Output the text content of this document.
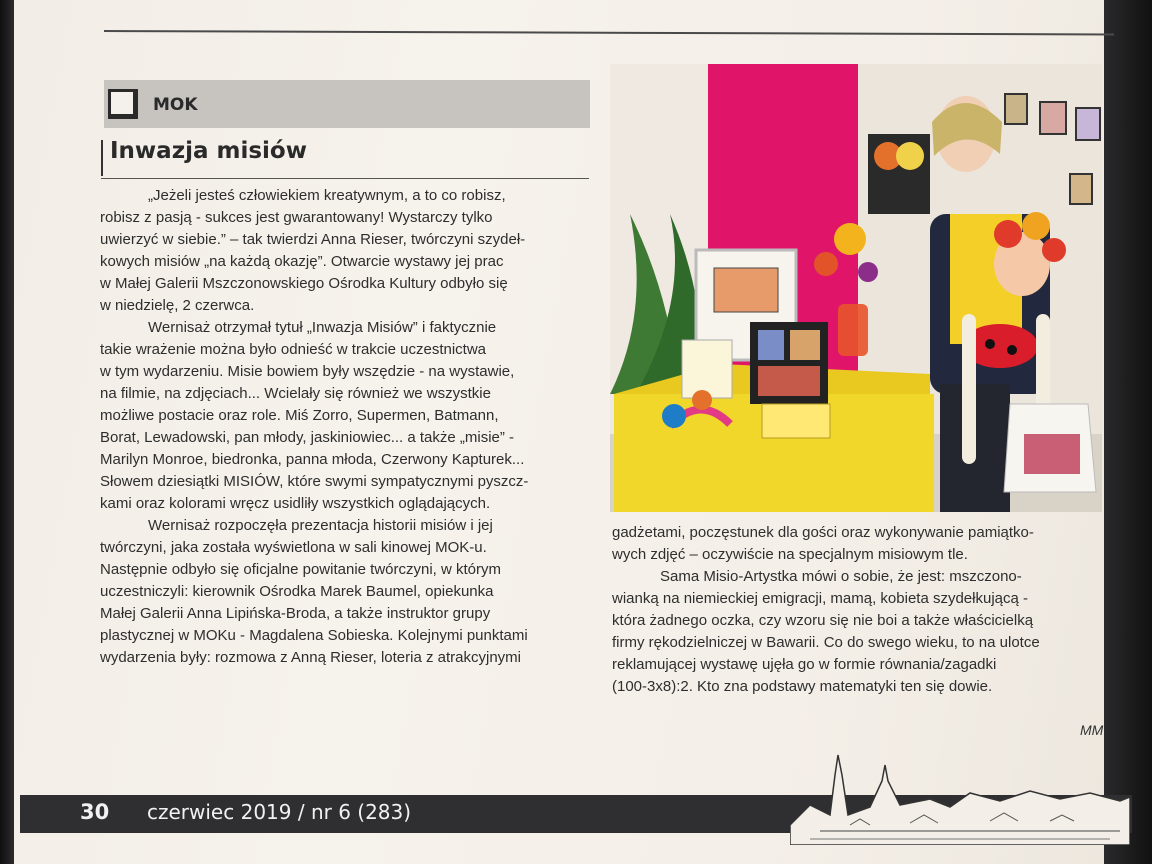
MOK
Inwazja misiów
„Jeżeli jesteś człowiekiem kreatywnym, a to co robisz,
robisz z pasją - sukces jest gwarantowany! Wystarczy tylko
uwierzyć w siebie.” – tak twierdzi Anna Rieser, twórczyni szydeł-
kowych misiów „na każdą okazję”. Otwarcie wystawy jej prac
w Małej Galerii Mszczonowskiego Ośrodka Kultury odbyło się
w niedzielę, 2 czerwca.
Wernisaż otrzymał tytuł „Inwazja Misiów” i faktycznie
takie wrażenie można było odnieść w trakcie uczestnictwa
w tym wydarzeniu. Misie bowiem były wszędzie - na wystawie,
na filmie, na zdjęciach... Wcielały się również we wszystkie
możliwe postacie oraz role. Miś Zorro, Supermen, Batmann,
Borat, Lewadowski, pan młody, jaskiniowiec... a także „misie” -
Marilyn Monroe, biedronka, panna młoda, Czerwony Kapturek...
Słowem dziesiątki MISIÓW, które swymi sympatycznymi pyszcz-
kami oraz kolorami wręcz usidliły wszystkich oglądających.
Wernisaż rozpoczęła prezentacja historii misiów i jej
twórczyni, jaka została wyświetlona w sali kinowej MOK-u.
Następnie odbyło się oficjalne powitanie twórczyni, w którym
uczestniczyli: kierownik Ośrodka Marek Baumel, opiekunka
Małej Galerii Anna Lipińska-Broda, a także instruktor grupy
plastycznej w MOKu - Magdalena Sobieska. Kolejnymi punktami
wydarzenia były: rozmowa z Anną Rieser, loteria z atrakcyjnymi
gadżetami, poczęstunek dla gości oraz wykonywanie pamiątko-
wych zdjęć – oczywiście na specjalnym misiowym tle.
Sama Misio-Artystka mówi o sobie, że jest: mszczono-
wianką na niemieckiej emigracji, mamą, kobieta szydełkującą -
która żadnego oczka, czy wzoru się nie boi a także właścicielką
firmy rękodzielniczej w Bawarii. Co do swego wieku, to na ulotce
reklamującej wystawę ujęła go w formie równania/zagadki
(100-3x8):2. Kto zna podstawy matematyki ten się dowie.
MM
30 czerwiec 2019 / nr 6 (283)
